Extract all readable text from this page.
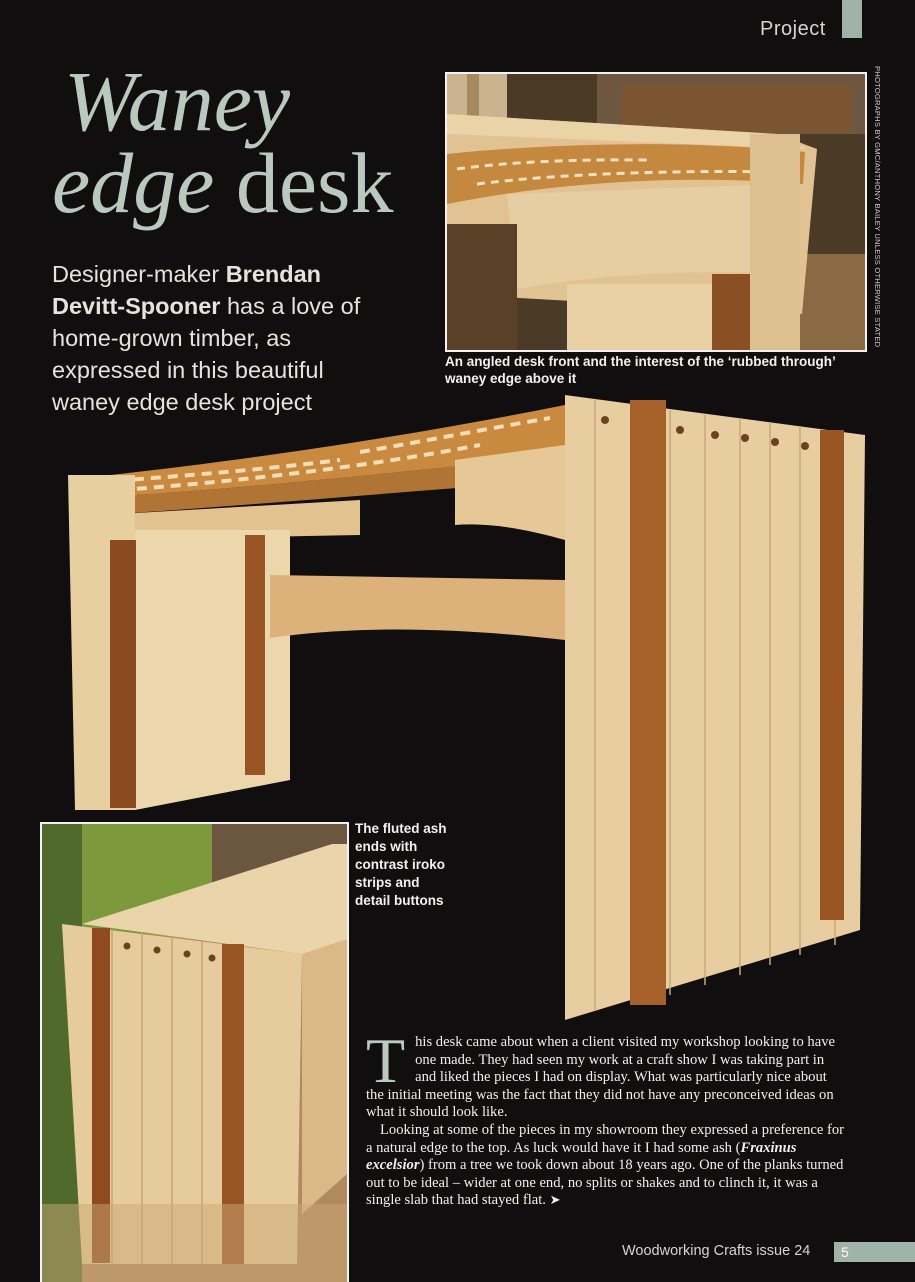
Project
Waney
edge desk
Designer-maker Brendan Devitt-Spooner has a love of home-grown timber, as expressed in this beautiful waney edge desk project
PHOTOGRAPHS BY GMC/ANTHONY BAILEY UNLESS OTHERWISE STATED
An angled desk front and the interest of the ‘rubbed through’ waney edge above it
The fluted ash ends with contrast iroko strips and detail buttons
T his desk came about when a client visited my workshop looking to have one made. They had seen my work at a craft show I was taking part in and liked the pieces I had on display. What was particularly nice about the initial meeting was the fact that they did not have any preconceived ideas on what it should look like.

Looking at some of the pieces in my showroom they expressed a preference for a natural edge to the top. As luck would have it I had some ash (Fraxinus excelsior) from a tree we took down about 18 years ago. One of the planks turned out to be ideal – wider at one end, no splits or shakes and to clinch it, it was a single slab that had stayed flat. ➤

Woodworking Crafts issue 24	5
